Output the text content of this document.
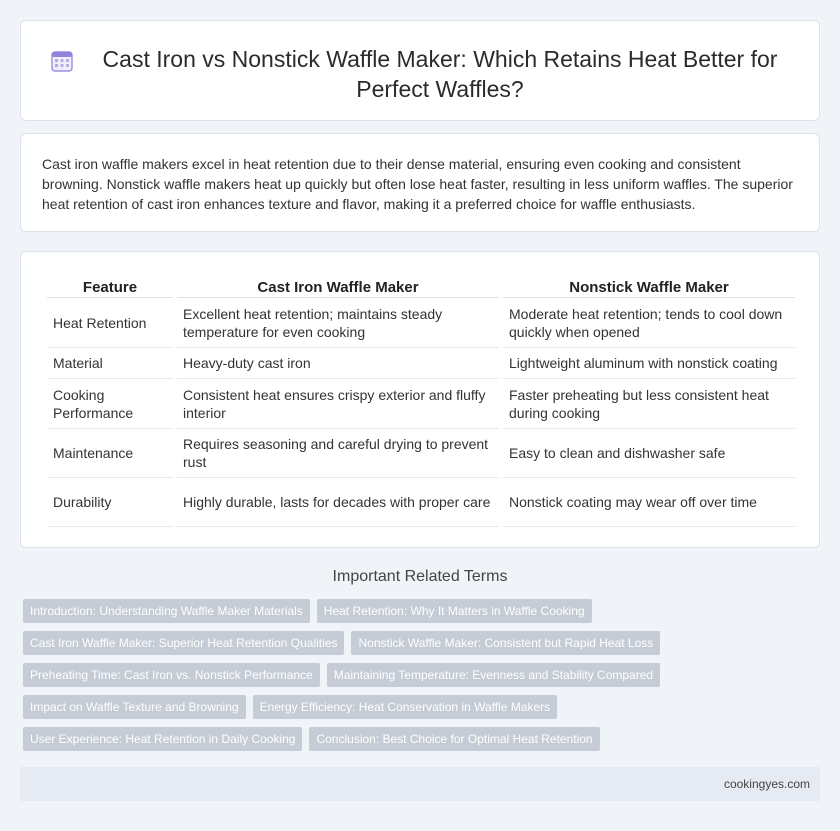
Cast Iron vs Nonstick Waffle Maker: Which Retains Heat Better for Perfect Waffles?

Cast iron waffle makers excel in heat retention due to their dense material, ensuring even cooking and consistent browning. Nonstick waffle makers heat up quickly but often lose heat faster, resulting in less uniform waffles. The superior heat retention of cast iron enhances texture and flavor, making it a preferred choice for waffle enthusiasts.

Feature	Cast Iron Waffle Maker	Nonstick Waffle Maker
Heat Retention	Excellent heat retention; maintains steady temperature for even cooking	Moderate heat retention; tends to cool down quickly when opened
Material	Heavy-duty cast iron	Lightweight aluminum with nonstick coating
Cooking Performance	Consistent heat ensures crispy exterior and fluffy interior	Faster preheating but less consistent heat during cooking
Maintenance	Requires seasoning and careful drying to prevent rust	Easy to clean and dishwasher safe
Durability	Highly durable, lasts for decades with proper care	Nonstick coating may wear off over time
Important Related Terms
Introduction: Understanding Waffle Maker Materials	Heat Retention: Why It Matters in Waffle Cooking
Cast Iron Waffle Maker: Superior Heat Retention Qualities	Nonstick Waffle Maker: Consistent but Rapid Heat Loss
Preheating Time: Cast Iron vs. Nonstick Performance	Maintaining Temperature: Evenness and Stability Compared
Impact on Waffle Texture and Browning	Energy Efficiency: Heat Conservation in Waffle Makers
User Experience: Heat Retention in Daily Cooking	Conclusion: Best Choice for Optimal Heat Retention
cookingyes.com
